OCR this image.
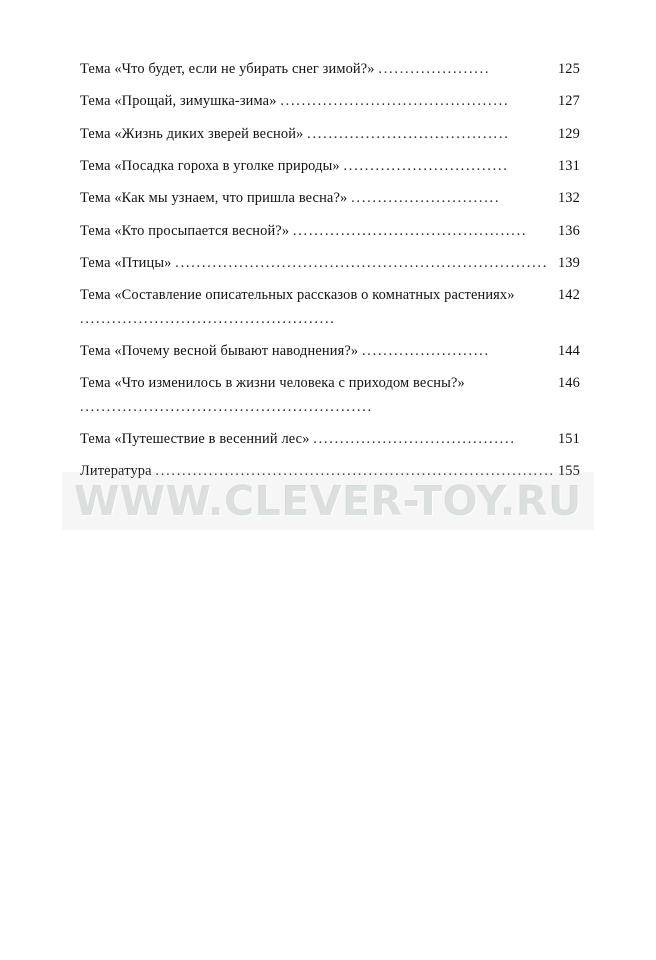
125
Тема «Что будет, если не убирать снег зимой?» .....................
127
Тема «Прощай, зимушка-зима» ...........................................
129
Тема «Жизнь диких зверей весной» ......................................
131
Тема «Посадка гороха в уголке природы» ...............................
132
Тема «Как мы узнаем, что пришла весна?» ............................
136
Тема «Кто просыпается весной?» ............................................
139
Тема «Птицы» ......................................................................
142
Тема «Составление описательных рассказов о комнатных растениях» ................................................
144
Тема «Почему весной бывают наводнения?» ........................
146
Тема «Что изменилось в жизни человека с приходом весны?» .......................................................
151
Тема «Путешествие в весенний лес» ......................................
155
Литература ...........................................................................
WWW.CLEVER-TOY.RU
